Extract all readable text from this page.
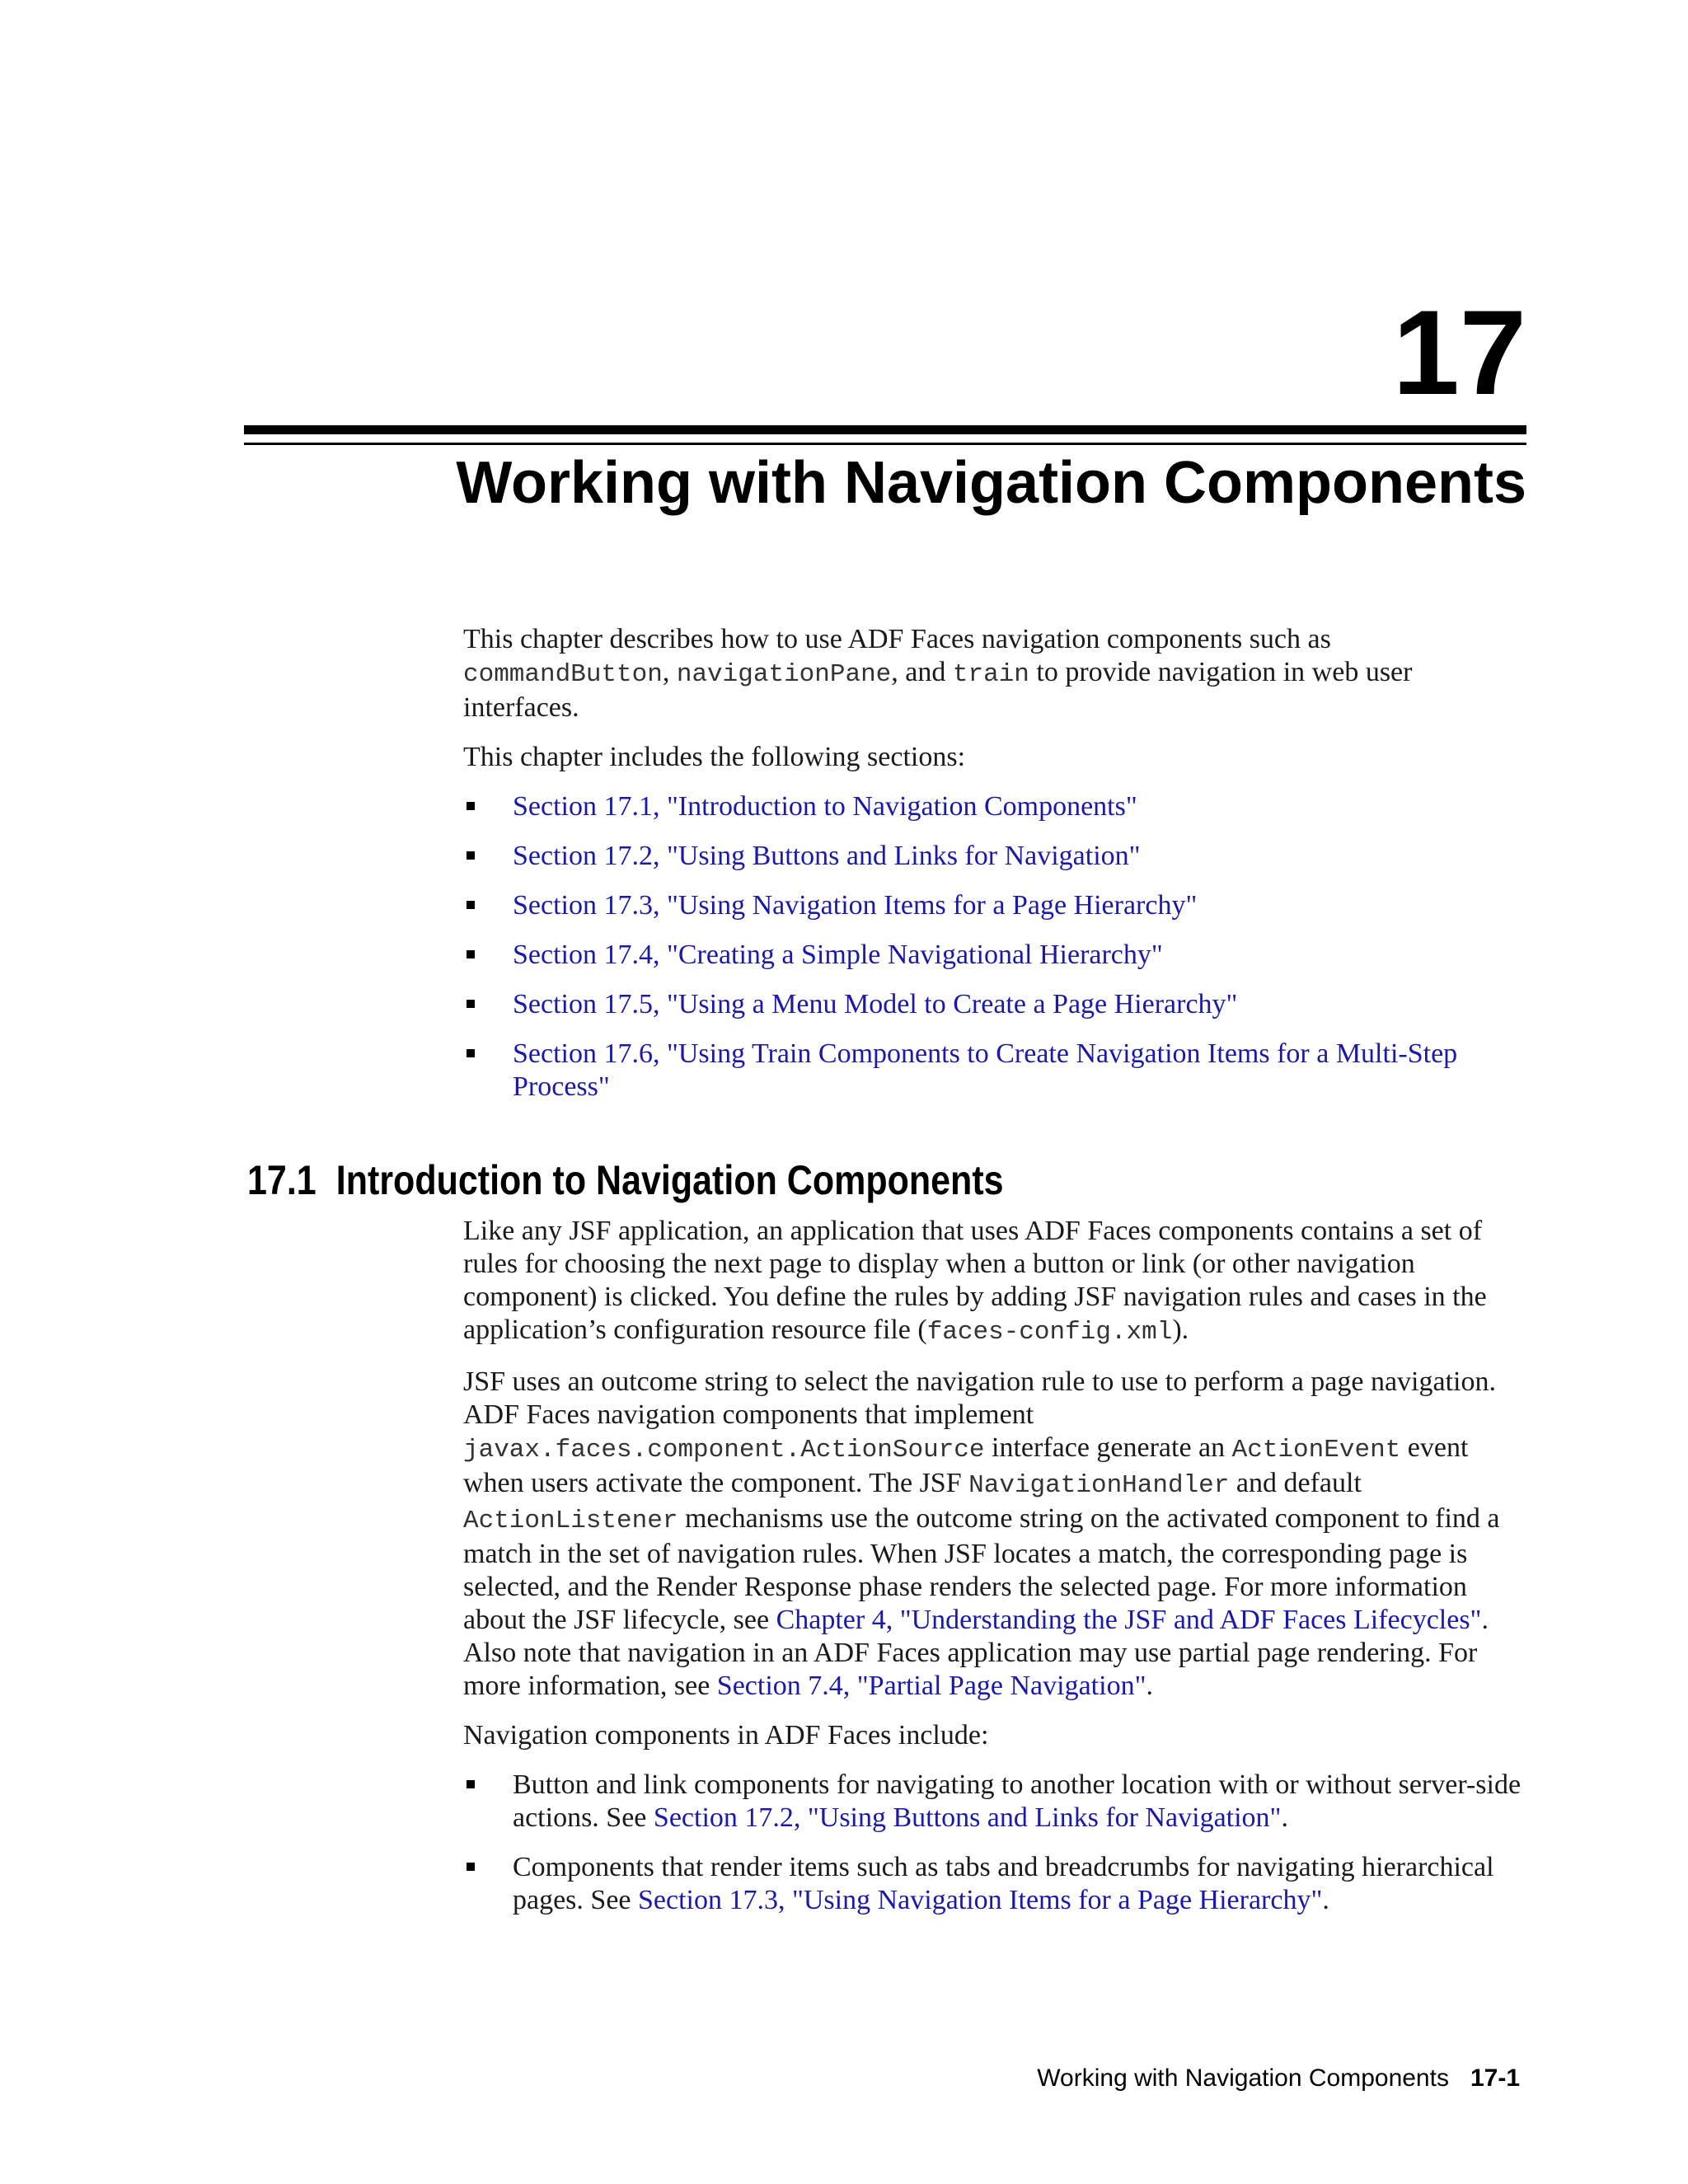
17
Working with Navigation Components

This chapter describes how to use ADF Faces navigation components such as commandButton, navigationPane, and train to provide navigation in web user interfaces.

This chapter includes the following sections:

Section 17.1, "Introduction to Navigation Components"
Section 17.2, "Using Buttons and Links for Navigation"
Section 17.3, "Using Navigation Items for a Page Hierarchy"
Section 17.4, "Creating a Simple Navigational Hierarchy"
Section 17.5, "Using a Menu Model to Create a Page Hierarchy"
Section 17.6, "Using Train Components to Create Navigation Items for a Multi-Step Process"
17.1 Introduction to Navigation Components

Like any JSF application, an application that uses ADF Faces components contains a set of rules for choosing the next page to display when a button or link (or other navigation component) is clicked. You define the rules by adding JSF navigation rules and cases in the application’s configuration resource file (faces-config.xml).

JSF uses an outcome string to select the navigation rule to use to perform a page navigation. ADF Faces navigation components that implement javax.faces.component.ActionSource interface generate an ActionEvent event when users activate the component. The JSF NavigationHandler and default ActionListener mechanisms use the outcome string on the activated component to find a match in the set of navigation rules. When JSF locates a match, the corresponding page is selected, and the Render Response phase renders the selected page. For more information about the JSF lifecycle, see Chapter 4, "Understanding the JSF and ADF Faces Lifecycles". Also note that navigation in an ADF Faces application may use partial page rendering. For more information, see Section 7.4, "Partial Page Navigation".

Navigation components in ADF Faces include:

Button and link components for navigating to another location with or without server-side actions. See Section 17.2, "Using Buttons and Links for Navigation".
Components that render items such as tabs and breadcrumbs for navigating hierarchical pages. See Section 17.3, "Using Navigation Items for a Page Hierarchy".
Working with Navigation Components 17-1
